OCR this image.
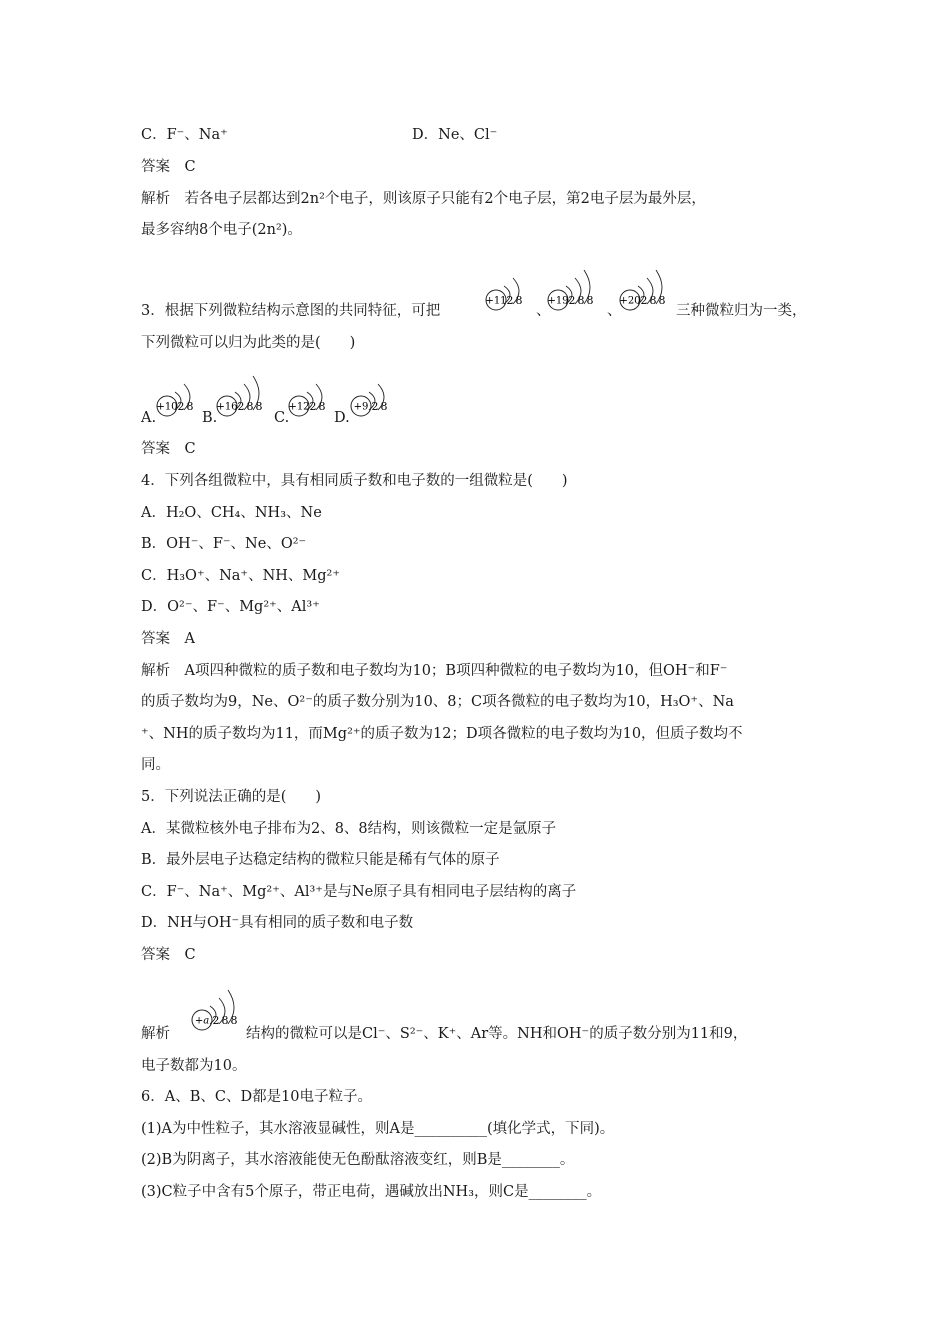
C．F⁻、Na⁺	D．Ne、Cl⁻
答案　C
解析　若各电子层都达到2n²个电子，则该原子只能有2个电子层，第2电子层为最外层，
最多容纳8个电子(2n²)。
3．根据下列微粒结构示意图的共同特征，可把
+11 2 8
、
+19 2 8 8
、
+20 2 8 8
三种微粒归为一类，
下列微粒可以归为此类的是(　　)
A.
+10 2 8
B.
+16 2 8 8
C.
+12 2 8
D.
+9 2 8
答案　C
4．下列各组微粒中，具有相同质子数和电子数的一组微粒是(　　)
A．H₂O、CH₄、NH₃、Ne
B．OH⁻、F⁻、Ne、O²⁻
C．H₃O⁺、Na⁺、NH、Mg²⁺
D．O²⁻、F⁻、Mg²⁺、Al³⁺
答案　A
解析　A项四种微粒的质子数和电子数均为10；B项四种微粒的电子数均为10，但OH⁻和F⁻
的质子数均为9，Ne、O²⁻的质子数分别为10、8；C项各微粒的电子数均为10，H₃O⁺、Na
⁺、NH的质子数均为11，而Mg²⁺的质子数为12；D项各微粒的电子数均为10，但质子数均不
同。
5．下列说法正确的是(　　)
A．某微粒核外电子排布为2、8、8结构，则该微粒一定是氩原子
B．最外层电子达稳定结构的微粒只能是稀有气体的原子
C．F⁻、Na⁺、Mg²⁺、Al³⁺是与Ne原子具有相同电子层结构的离子
D．NH与OH⁻具有相同的质子数和电子数
答案　C
解析
+a 2 8 8
结构的微粒可以是Cl⁻、S²⁻、K⁺、Ar等。NH和OH⁻的质子数分别为11和9，
电子数都为10。
6．A、B、C、D都是10电子粒子。
(1)A为中性粒子，其水溶液显碱性，则A是__________(填化学式，下同)。
(2)B为阴离子，其水溶液能使无色酚酞溶液变红，则B是________。
(3)C粒子中含有5个原子，带正电荷，遇碱放出NH₃，则C是________。
